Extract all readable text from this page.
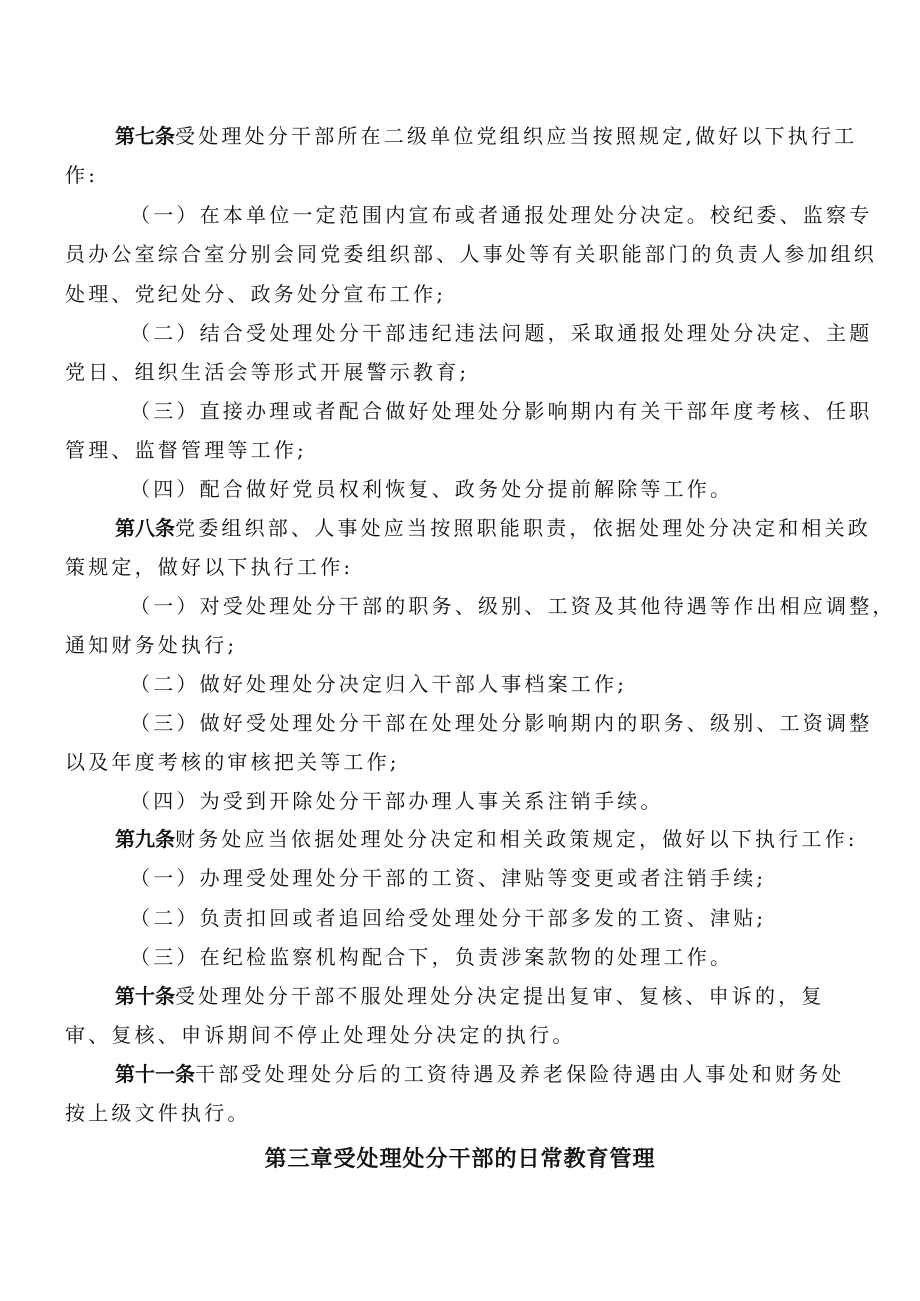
第七条受处理处分干部所在二级单位党组织应当按照规定,做好以下执行工
作:
（一）在本单位一定范围内宣布或者通报处理处分决定。校纪委、监察专
员办公室综合室分别会同党委组织部、人事处等有关职能部门的负责人参加组织
处理、党纪处分、政务处分宣布工作;
（二）结合受处理处分干部违纪违法问题，采取通报处理处分决定、主题
党日、组织生活会等形式开展警示教育;
（三）直接办理或者配合做好处理处分影响期内有关干部年度考核、任职
管理、监督管理等工作;
（四）配合做好党员权利恢复、政务处分提前解除等工作。
第八条党委组织部、人事处应当按照职能职责，依据处理处分决定和相关政
策规定，做好以下执行工作:
（一）对受处理处分干部的职务、级别、工资及其他待遇等作出相应调整，
通知财务处执行;
（二）做好处理处分决定归入干部人事档案工作;
（三）做好受处理处分干部在处理处分影响期内的职务、级别、工资调整
以及年度考核的审核把关等工作;
（四）为受到开除处分干部办理人事关系注销手续。
第九条财务处应当依据处理处分决定和相关政策规定，做好以下执行工作:
（一）办理受处理处分干部的工资、津贴等变更或者注销手续;
（二）负责扣回或者追回给受处理处分干部多发的工资、津贴;
（三）在纪检监察机构配合下，负责涉案款物的处理工作。
第十条受处理处分干部不服处理处分决定提出复审、复核、申诉的，复
审、复核、申诉期间不停止处理处分决定的执行。
第十一条干部受处理处分后的工资待遇及养老保险待遇由人事处和财务处
按上级文件执行。
第三章受处理处分干部的日常教育管理
